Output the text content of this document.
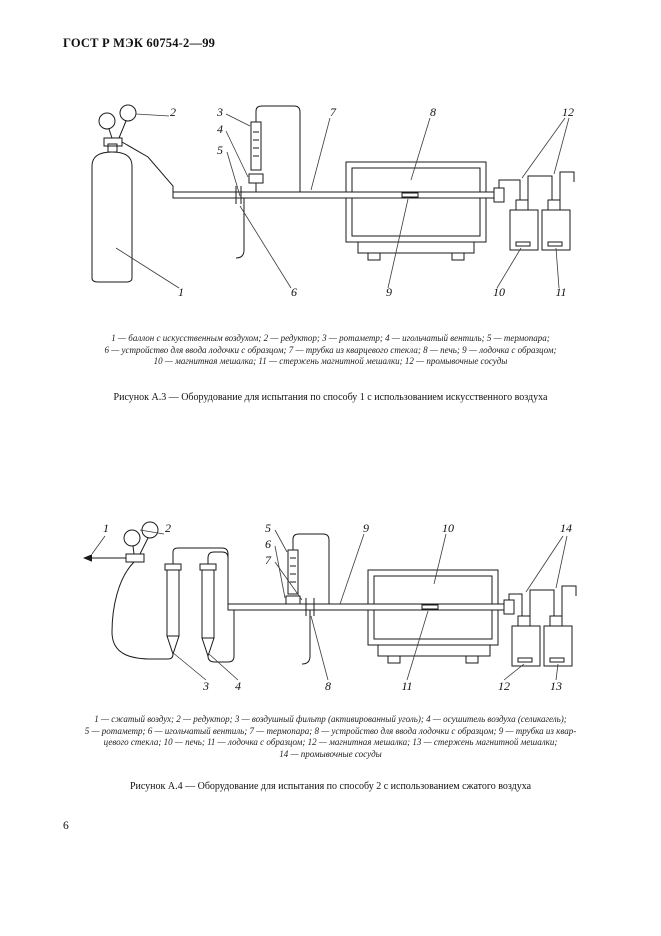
ГОСТ Р МЭК 60754-2—99
1
2	3
4
5
6
7	8
9	10	11
12
1 — баллон с искусственным воздухом; 2 — редуктор; 3 — ротаметр; 4 — игольчатый вентиль; 5 — термопара;
6 — устройство для ввода лодочки с образцом; 7 — трубка из кварцевого стекла; 8 — печь; 9 — лодочка с образцом;
10 — магнитная мешалка; 11 — стержень магнитной мешалки; 12 — промывочные сосуды
Рисунок А.3 — Оборудование для испытания по способу 1 с использованием искусственного воздуха
1	2
3 4
5
6
7
8
9	10
11	12	13
14
1 — сжатый воздух; 2 — редуктор; 3 — воздушный фильтр (активированный уголь); 4 — осушитель воздуха (селикагель);
5 — ротаметр; 6 — игольчатый вентиль; 7 — термопара; 8 — устройство для ввода лодочки с образцом; 9 — трубка из квар-
цевого стекла; 10 — печь; 11 — лодочка с образцом; 12 — магнитная мешалка; 13 — стержень магнитной мешалки;
14 — промывочные сосуды
Рисунок А.4 — Оборудование для испытания по способу 2 с использованием сжатого воздуха
6
